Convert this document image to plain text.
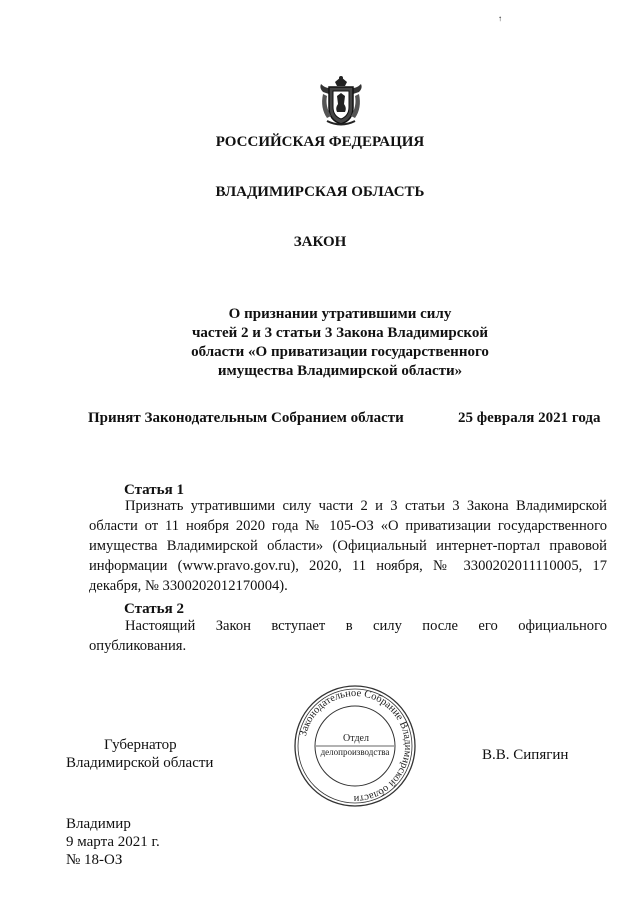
↑
РОССИЙСКАЯ ФЕДЕРАЦИЯ
ВЛАДИМИРСКАЯ ОБЛАСТЬ
ЗАКОН
О признании утратившими силу
частей 2 и 3 статьи 3 Закона Владимирской
области «О приватизации государственного
имущества Владимирской области»
Принят Законодательным Собранием области	25 февраля 2021 года
Статья 1
Признать утратившими силу части 2 и 3 статьи 3 Закона Владимирской области от 11 ноября 2020 года № 105-ОЗ «О приватизации государственного имущества Владимирской области» (Официальный интернет-портал правовой информации (www.pravo.gov.ru), 2020, 11 ноября, № 3300202011110005, 17 декабря, № 3300202012170004).
Статья 2
Настоящий Закон вступает в силу после его официального
опубликования.
Губернатор
Владимирской области	В.В. Сипягин
Законодательное Собрание Владимирской области
Отдел
делопроизводства
Владимир
9 марта 2021 г.
№ 18-ОЗ
